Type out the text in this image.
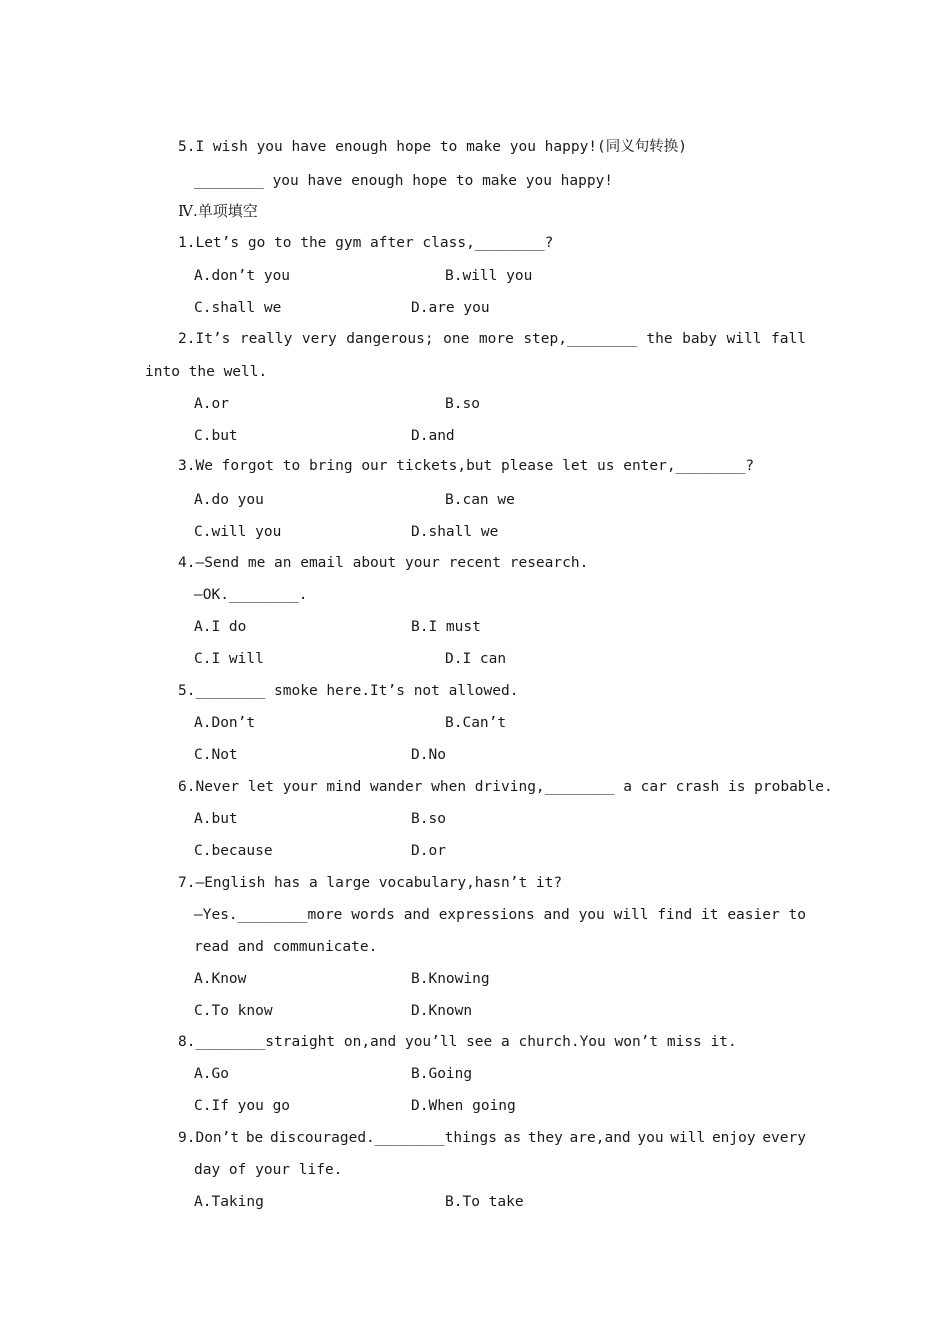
5.I wish you have enough hope to make you happy!(同义句转换)
________ you have enough hope to make you happy!
Ⅳ.单项填空
1.Let’s go to the gym after class,________?
A.don’t you	B.will you
C.shall we	D.are you
2.It’s really very dangerous; one more step,________ the baby will fall
into the well.
A.or	B.so
C.but	D.and
3.We forgot to bring our tickets,but please let us enter,________?
A.do you	B.can we
C.will you	D.shall we
4.—Send me an email about your recent research.
—OK.________.
A.I do	B.I must
C.I will	D.I can
5.________ smoke here.It’s not allowed.
A.Don’t	B.Can’t
C.Not	D.No
6.Never let your mind wander when driving,________ a car crash is probable.
A.but	B.so
C.because	D.or
7.—English has a large vocabulary,hasn’t it?
—Yes.________more words and expressions and you will find it easier to
read and communicate.
A.Know	B.Knowing
C.To know	D.Known
8.________straight on,and you’ll see a church.You won’t miss it.
A.Go	B.Going
C.If you go	D.When going
9.Don’t be discouraged.________things as they are,and you will enjoy every
day of your life.
A.Taking	B.To take
